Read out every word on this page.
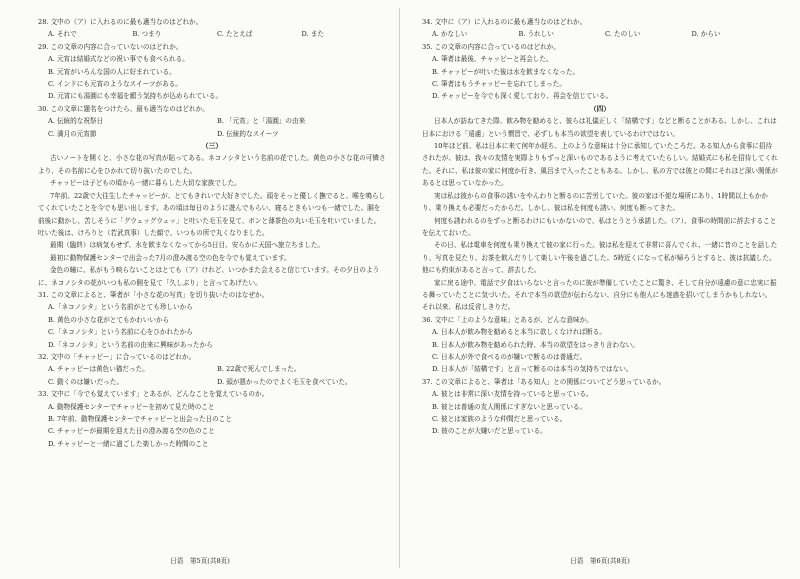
28. 文中の（ア）に入れるのに最も適当なのはどれか。
A. それで	B. つまり	C. たとえば	D. また
29. この文章の内容に合っていないのはどれか。
A. 元宵は結婚式などの祝い事でも食べられる。
B. 元宵がいろんな国の人に好まれている。
C. インドにも元宵のようなスイーツがある。
D. 元宵にも湯圓にも幸福を願う気持ちが込められている。
30. この文章に題名をつけたら、最も適当なのはどれか。
A. 伝統的な祝祭日	B. 「元宵」と「湯圓」の由来
C. 満月の元宵節	D. 伝統的なスイーツ
（三）
古いノートを開くと、小さな花の写真が貼ってある。ネコノシタという名前の花でした。黄色の小さな花の可憐さより、その名前に心をひかれて切り抜いたのでした。
チャッピーは子どもの頃から一緒に暮らした大切な家族でした。
7年前、22歳で大往生したチャッピーが、とてもきれいで大好きでした。頭をそっと優しく撫でると、喉を鳴らしてくれていたことを今でも思い出します。あの頃は毎日のように遊んでもらい、寝るときもいつも一緒でした。胴を前後に動かし、苦しそうに「グウェッグウェッ」と吐いた毛玉を見て、ボンと薄茶色の丸い毛玉を吐いていました。吐いた後は、けろりと（若武真事）した顔で、いつもの所で丸くなりました。
最期（臨終）は病気もせず、水を飲まなくなってから5日目、安らかに天国へ旅立ちました。
最初に動物保護センターで出会った7月の澄み渡る空の色を今でも覚えています。
金色の瞳に、私がもう映らないことはとても（ア）けれど、いつかまた会えると信じています。その夕日のように、ネコノシタの花がいつも私の側を見て「久しぶり」と言ってあげたい。
31. この文章によると、筆者が「小さな花の写真」を切り抜いたのはなぜか。
A.「ネコノシタ」という名前がとても珍しいから
B. 黄色の小さな花がとてもかわいいから
C.「ネコノシタ」という名前に心をひかれたから
D.「ネコノシタ」という名前の由来に興味があったから
32. 文中の「チャッピー」に合っているのはどれか。
A. チャッピーは黄色い猫だった。	B. 22歳で死んでしまった。
C. 動くのは嫌いだった。	D. 頭が悪かったのでよく毛玉を食べていた。
33. 文中に「今でも覚えています」とあるが、どんなことを覚えているのか。
A. 動物保護センターでチャッピーを初めて見た時のこと
B. 7年前、動物保護センターでチャッピーと出会った日のこと
C. チャッピーが最期を迎えた日の澄み渡る空の色のこと
D. チャッピーと一緒に過ごした楽しかった時間のこと
日语　第5页(共8页)
34. 文中に（ア）に入れるのに最も適当なのはどれか。
A. かなしい	B. うれしい	C. たのしい	D. からい
35. この文章の内容に合っているのはどれか。
A. 筆者は最後、チャッピーと再会した。
B. チャッピーが吐いた後は水を飲まなくなった。
C. 筆者はもうチャッピーを忘れてしまった。
D. チャッピーを今でも深く愛しており、再会を信じている。
（四）
日本人が訪ねてきた際、飲み物を勧めると、彼らは礼儀正しく「結構です」などと断ることがある。しかし、これは日本における「遠慮」という慣習で、必ずしも本当の欲望を表しているわけではない。
10年ほど前、私は日本に来て何年か経ち、上のような意味は十分に承知していたころだ。ある知人から食事に招待されたが、彼は、我々の友情を実際よりもずっと深いものであるように考えていたらしい。結婚式にも私を招待してくれた。それに、私は彼の家に何度か行き、風呂まで入ったこともある。しかし、私の方では彼との間にそれほど深い関係があるとは思っていなかった。
実は私は彼からの食事の誘いをやんわりと断るのに苦労していた。彼の家は不便な場所にあり、1時間以上もかかり、乗り換えも必要だったからだ。しかし、彼は私を何度も誘い、何度も断ってきた。
何度も誘われるのをずっと断るわけにもいかないので、私はとうとう承諾した。（ア）、食事の時間前に辞去することを伝えておいた。
その日、私は電車を何度も乗り換えて彼の家に行った。彼は私を迎えて非常に喜んでくれ、一緒に昔のことを話したり、写真を見たり、お茶を飲んだりして楽しい午後を過ごした。5時近くになって私が帰ろうとすると、彼は抗議した。他にも約束があると言って、辞去した。
家に戻る途中、電話で夕食はいらないと言ったのに彼が準備していたことに驚き、そして自分が遠慮の意に忠実に振る舞っていたことに気づいた。それで本当の欲望が伝わらない、自分にも他人にも迷惑を招いてしまうかもしれない。それ以来、私は反省しきりだ。
36. 文中に「上のような意味」とあるが、どんな意味か。
A. 日本人が飲み物を勧めると本当に欲しくなければ断る。
B. 日本人が飲み物を勧められた時、本当の欲望をはっきり言わない。
C. 日本人が外で食べるのが嫌いで断るのは普通だ。
D. 日本人が「結構です」と言って断るのは本当の気持ちではない。
37. この文章によると、筆者は「ある知人」との関係についてどう思っているか。
A. 彼とは非常に深い友情を持っていると思っている。
B. 彼とは普通の友人関係にすぎないと思っている。
C. 彼とは家族のような仲間だと思っている。
D. 彼のことが大嫌いだと思っている。
日语　第6页(共8页)
